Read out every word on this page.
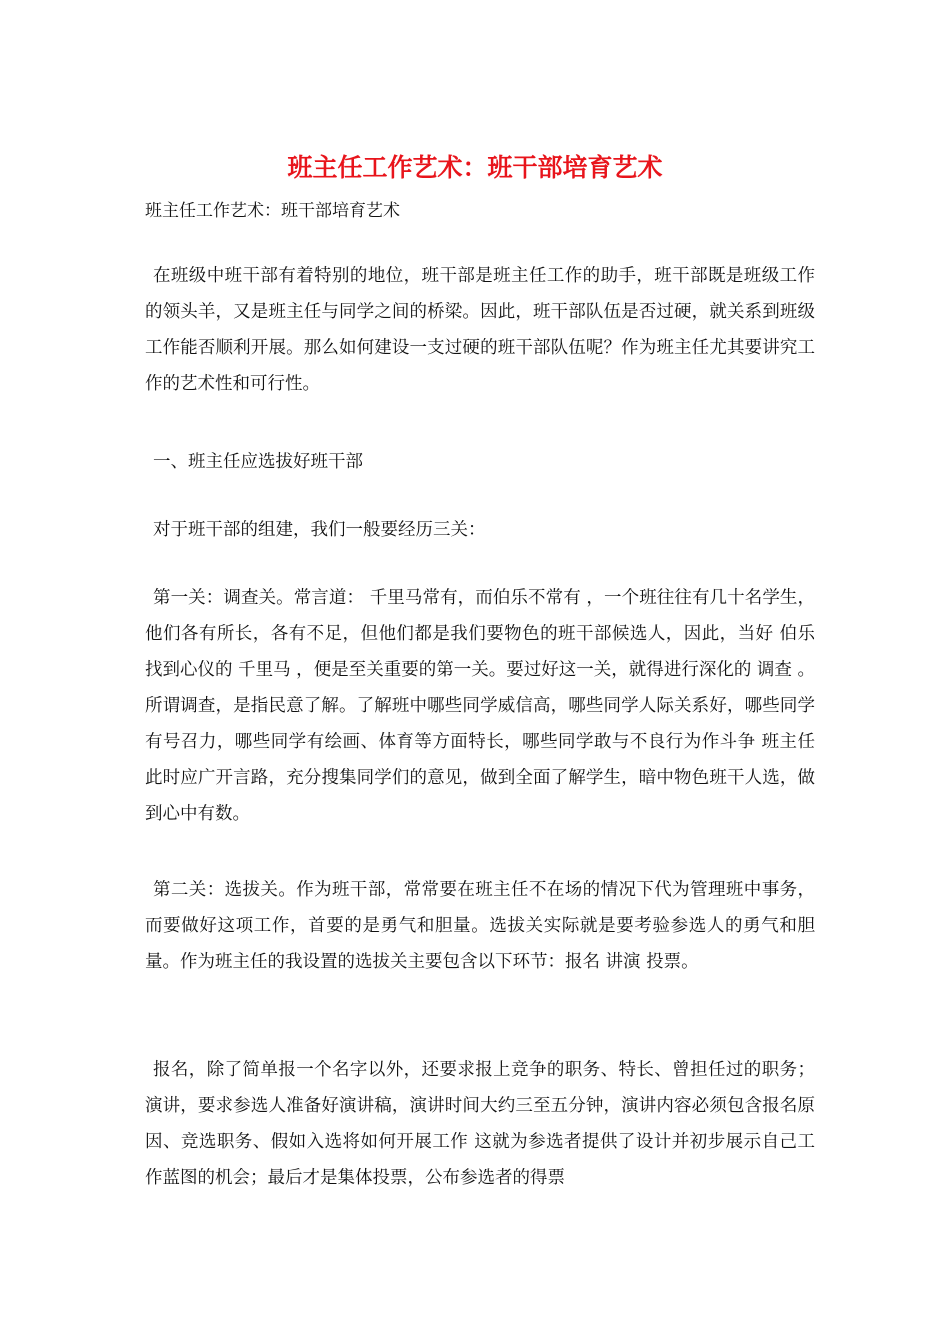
班主任工作艺术：班干部培育艺术

班主任工作艺术：班干部培育艺术

在班级中班干部有着特别的地位，班干部是班主任工作的助手，班干部既是班级工作的领头羊，又是班主任与同学之间的桥梁。因此，班干部队伍是否过硬，就关系到班级工作能否顺利开展。那么如何建设一支过硬的班干部队伍呢？作为班主任尤其要讲究工作的艺术性和可行性。

一、班主任应选拔好班干部

对于班干部的组建，我们一般要经历三关：

第一关：调查关。常言道： 千里马常有，而伯乐不常有 ，一个班往往有几十名学生，他们各有所长，各有不足，但他们都是我们要物色的班干部候选人，因此，当好 伯乐 找到心仪的 千里马 ，便是至关重要的第一关。要过好这一关，就得进行深化的 调查 。所谓调查，是指民意了解。了解班中哪些同学威信高，哪些同学人际关系好，哪些同学有号召力，哪些同学有绘画、体育等方面特长，哪些同学敢与不良行为作斗争 班主任此时应广开言路，充分搜集同学们的意见，做到全面了解学生，暗中物色班干人选，做到心中有数。

第二关：选拔关。作为班干部，常常要在班主任不在场的情况下代为管理班中事务，而要做好这项工作，首要的是勇气和胆量。选拔关实际就是要考验参选人的勇气和胆量。作为班主任的我设置的选拔关主要包含以下环节：报名 讲演 投票。

报名，除了简单报一个名字以外，还要求报上竞争的职务、特长、曾担任过的职务；演讲，要求参选人准备好演讲稿，演讲时间大约三至五分钟，演讲内容必须包含报名原因、竞选职务、假如入选将如何开展工作 这就为参选者提供了设计并初步展示自己工作蓝图的机会；最后才是集体投票，公布参选者的得票
